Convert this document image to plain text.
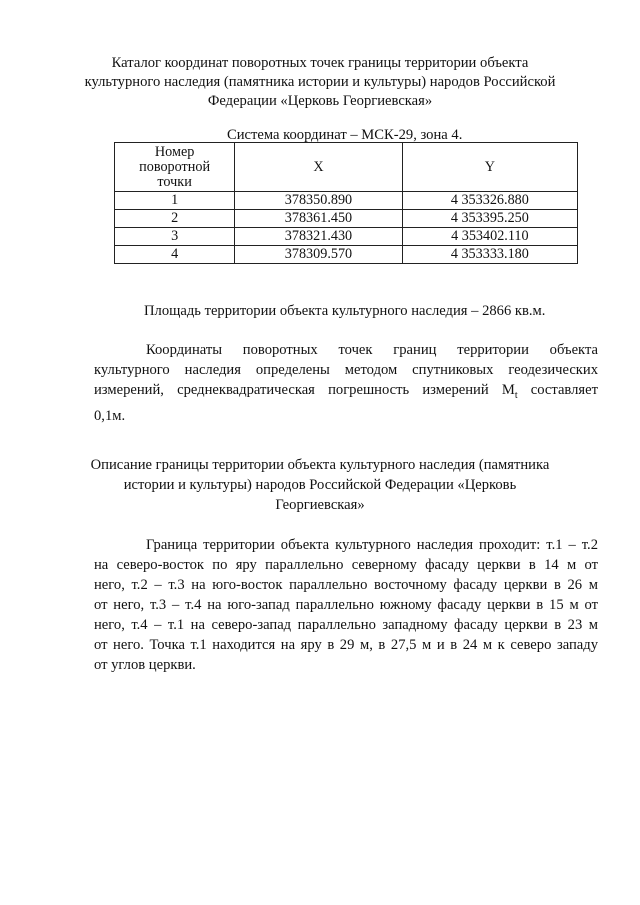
Каталог координат поворотных точек границы территории объекта
культурного наследия (памятника истории и культуры) народов Российской
Федерации «Церковь Георгиевская»
Система координат – МСК-29, зона 4.
Номер
поворотной
точки	X	Y
1	378350.890	4 353326.880
2	378361.450	4 353395.250
3	378321.430	4 353402.110
4	378309.570	4 353333.180
Площадь территории объекта культурного наследия – 2866 кв.м.
Координаты поворотных точек границ территории объекта
культурного наследия определены методом спутниковых геодезических
измерений, среднеквадратическая погрешность измерений $М_t$ составляет
0,1м.
Описание границы территории объекта культурного наследия (памятника
истории и культуры) народов Российской Федерации «Церковь
Георгиевская»
Граница территории объекта культурного наследия проходит: т.1 – т.2
на северо-восток по яру параллельно северному фасаду церкви в 14 м от
него, т.2 – т.3 на юго-восток параллельно восточному фасаду церкви в 26 м
от него, т.3 – т.4 на юго-запад параллельно южному фасаду церкви в 15 м от
него, т.4 – т.1 на северо-запад параллельно западному фасаду церкви в 23 м
от него. Точка т.1 находится на яру в 29 м, в 27,5 м и в 24 м к северо западу
от углов церкви.
